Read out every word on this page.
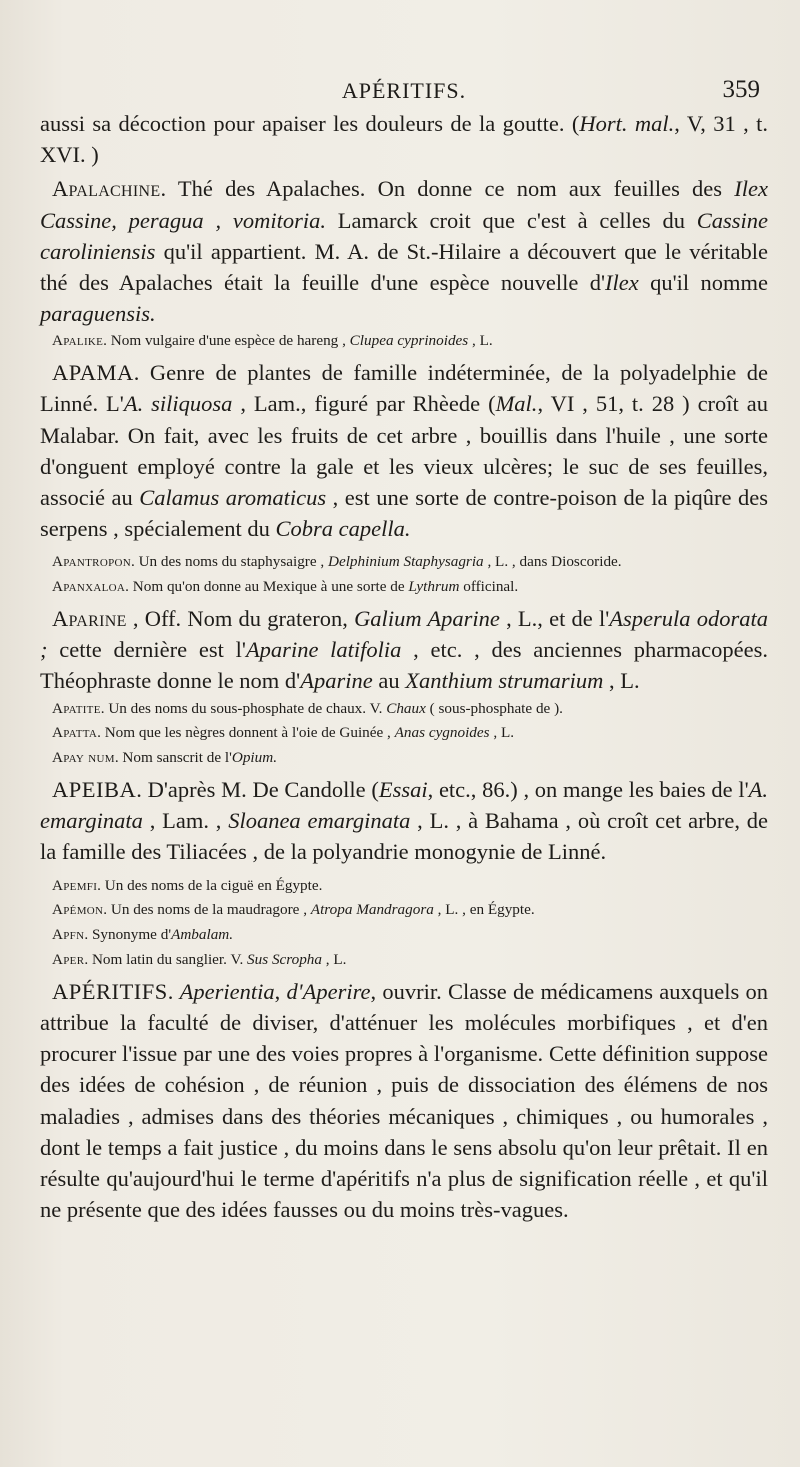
APÉRITIFS.	359

aussi sa décoction pour apaiser les douleurs de la goutte. (Hort. mal., V, 31 , t. XVI. )

Apalachine. Thé des Apalaches. On donne ce nom aux feuilles des Ilex Cassine, peragua , vomitoria. Lamarck croit que c'est à celles du Cassine caroliniensis qu'il appartient. M. A. de St.-Hilaire a découvert que le véritable thé des Apalaches était la feuille d'une espèce nouvelle d'Ilex qu'il nomme paraguensis.

Apalike. Nom vulgaire d'une espèce de hareng , Clupea cyprinoides , L.

APAMA. Genre de plantes de famille indéterminée, de la polyadelphie de Linné. L'A. siliquosa , Lam., figuré par Rhèede (Mal., VI , 51, t. 28 ) croît au Malabar. On fait, avec les fruits de cet arbre , bouillis dans l'huile , une sorte d'onguent employé contre la gale et les vieux ulcères; le suc de ses feuilles, associé au Calamus aromaticus , est une sorte de contre-poison de la piqûre des serpens , spécialement du Cobra capella.

Apantropon. Un des noms du staphysaigre , Delphinium Staphysagria , L. , dans Dioscoride.

Apanxaloa. Nom qu'on donne au Mexique à une sorte de Lythrum officinal.

Aparine , Off. Nom du grateron, Galium Aparine , L., et de l'Asperula odorata ; cette dernière est l'Aparine latifolia , etc. , des anciennes pharmacopées. Théophraste donne le nom d'Aparine au Xanthium strumarium , L.

Apatite. Un des noms du sous-phosphate de chaux. V. Chaux ( sous-phosphate de ).

Apatta. Nom que les nègres donnent à l'oie de Guinée , Anas cygnoides , L.

Apay num. Nom sanscrit de l'Opium.

APEIBA. D'après M. De Candolle (Essai, etc., 86.) , on mange les baies de l'A. emarginata , Lam. , Sloanea emarginata , L. , à Bahama , où croît cet arbre, de la famille des Tiliacées , de la polyandrie monogynie de Linné.

Apemfi. Un des noms de la ciguë en Égypte.

Apémon. Un des noms de la maudragore , Atropa Mandragora , L. , en Égypte.

Apfn. Synonyme d'Ambalam.

Aper. Nom latin du sanglier. V. Sus Scropha , L.

APÉRITIFS. Aperientia, d'Aperire, ouvrir. Classe de médicamens auxquels on attribue la faculté de diviser, d'atténuer les molécules morbifiques , et d'en procurer l'issue par une des voies propres à l'organisme. Cette définition suppose des idées de cohésion , de réunion , puis de dissociation des élémens de nos maladies , admises dans des théories mécaniques , chimiques , ou humorales , dont le temps a fait justice , du moins dans le sens absolu qu'on leur prêtait. Il en résulte qu'aujourd'hui le terme d'apéritifs n'a plus de signification réelle , et qu'il ne présente que des idées fausses ou du moins très-vagues.
